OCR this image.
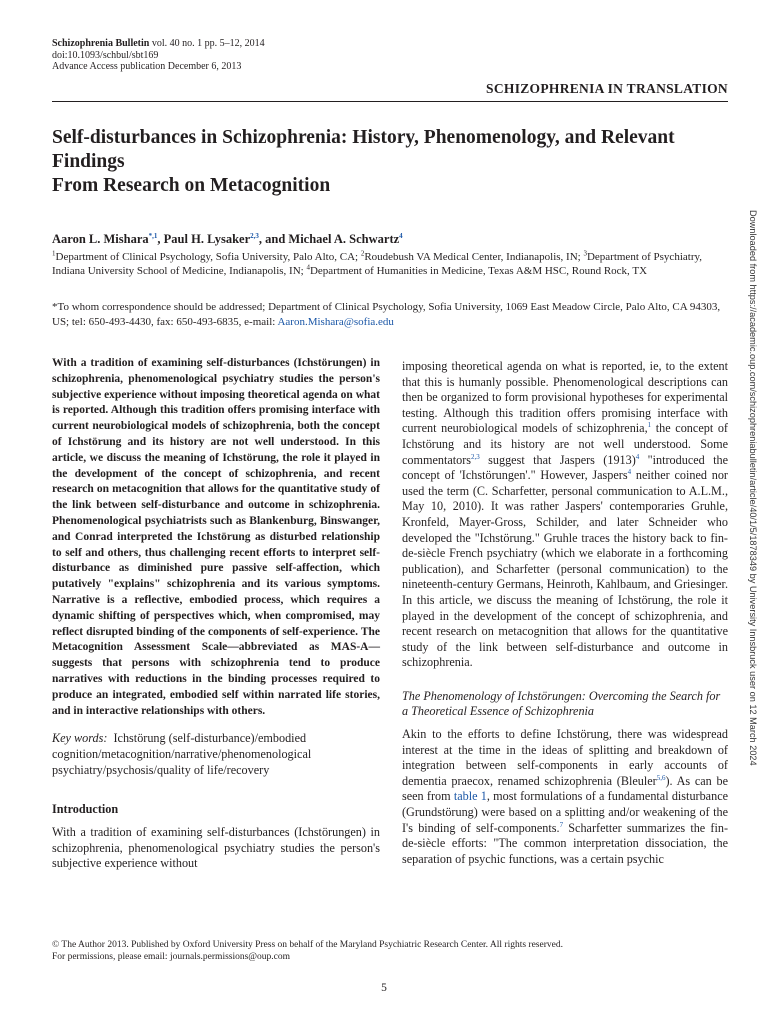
Schizophrenia Bulletin vol. 40 no. 1 pp. 5–12, 2014
doi:10.1093/schbul/sbt169
Advance Access publication December 6, 2013
SCHIZOPHRENIA IN TRANSLATION
Self-disturbances in Schizophrenia: History, Phenomenology, and Relevant Findings
From Research on Metacognition
Aaron L. Mishara$^{*,1}$, Paul H. Lysaker$^{2,3}$, and Michael A. Schwartz$^4$
$^1$Department of Clinical Psychology, Sofia University, Palo Alto, CA; $^2$Roudebush VA Medical Center, Indianapolis, IN; $^3$Department of Psychiatry, Indiana University School of Medicine, Indianapolis, IN; $^4$Department of Humanities in Medicine, Texas A&M HSC, Round Rock, TX
*To whom correspondence should be addressed; Department of Clinical Psychology, Sofia University, 1069 East Meadow Circle, Palo Alto, CA 94303, US; tel: 650-493-4430, fax: 650-493-6835, e-mail: Aaron.Mishara@sofia.edu
With a tradition of examining self-disturbances (Ichstörungen) in schizophrenia, phenomenological psychiatry studies the person's subjective experience without imposing theoretical agenda on what is reported. Although this tradition offers promising interface with current neurobiological models of schizophrenia, both the concept of Ichstörung and its history are not well understood. In this article, we discuss the meaning of Ichstörung, the role it played in the development of the concept of schizophrenia, and recent research on metacognition that allows for the quantitative study of the link between self-disturbance and outcome in schizophrenia. Phenomenological psychiatrists such as Blankenburg, Binswanger, and Conrad interpreted the Ichstörung as disturbed relationship to self and others, thus challenging recent efforts to interpret self-disturbance as diminished pure passive self-affection, which putatively "explains" schizophrenia and its various symptoms. Narrative is a reflective, embodied process, which requires a dynamic shifting of perspectives which, when compromised, may reflect disrupted binding of the components of self-experience. The Metacognition Assessment Scale—abbreviated as MAS-A—suggests that persons with schizophrenia tend to produce narratives with reductions in the binding processes required to produce an integrated, embodied self within narrated life stories, and in interactive relationships with others.
Key words: Ichstörung (self-disturbance)/embodied cognition/metacognition/narrative/phenomenological psychiatry/psychosis/quality of life/recovery
Introduction
With a tradition of examining self-disturbances (Ichstörungen) in schizophrenia, phenomenological psychiatry studies the person's subjective experience without
imposing theoretical agenda on what is reported, ie, to the extent that this is humanly possible. Phenomenological descriptions can then be organized to form provisional hypotheses for experimental testing. Although this tradition offers promising interface with current neurobiological models of schizophrenia,$^1$ the concept of Ichstörung and its history are not well understood. Some commentators$^{2,3}$ suggest that Jaspers $(1913)^4$ "introduced the concept of 'Ichstörungen'." However, Jaspers$^4$ neither coined nor used the term (C. Scharfetter, personal communication to A.L.M., May 10, 2010). It was rather Jaspers' contemporaries Gruhle, Kronfeld, Mayer-Gross, Schilder, and later Schneider who developed the "Ichstörung." Gruhle traces the history back to fin-de-siècle French psychiatry (which we elaborate in a forthcoming publication), and Scharfetter (personal communication) to the nineteenth-century Germans, Heinroth, Kahlbaum, and Griesinger. In this article, we discuss the meaning of Ichstörung, the role it played in the development of the concept of schizophrenia, and recent research on metacognition that allows for the quantitative study of the link between self-disturbance and outcome in schizophrenia.
The Phenomenology of Ichstörungen: Overcoming the Search for a Theoretical Essence of Schizophrenia
Akin to the efforts to define Ichstörung, there was widespread interest at the time in the ideas of splitting and breakdown of integration between self-components in early accounts of dementia praecox, renamed schizophrenia (Bleuler$^{5,6}$). As can be seen from table 1, most formulations of a fundamental disturbance (Grundstörung) were based on a splitting and/or weakening of the I's binding of self-components.$^7$ Scharfetter summarizes the fin-de-siècle efforts: "The common interpretation dissociation, the separation of psychic functions, was a certain psychic
© The Author 2013. Published by Oxford University Press on behalf of the Maryland Psychiatric Research Center. All rights reserved.
For permissions, please email: journals.permissions@oup.com
5
Downloaded from https://academic.oup.com/schizophreniabulletin/article/40/1/5/1878349 by University Innsbruck user on 12 March 2024
